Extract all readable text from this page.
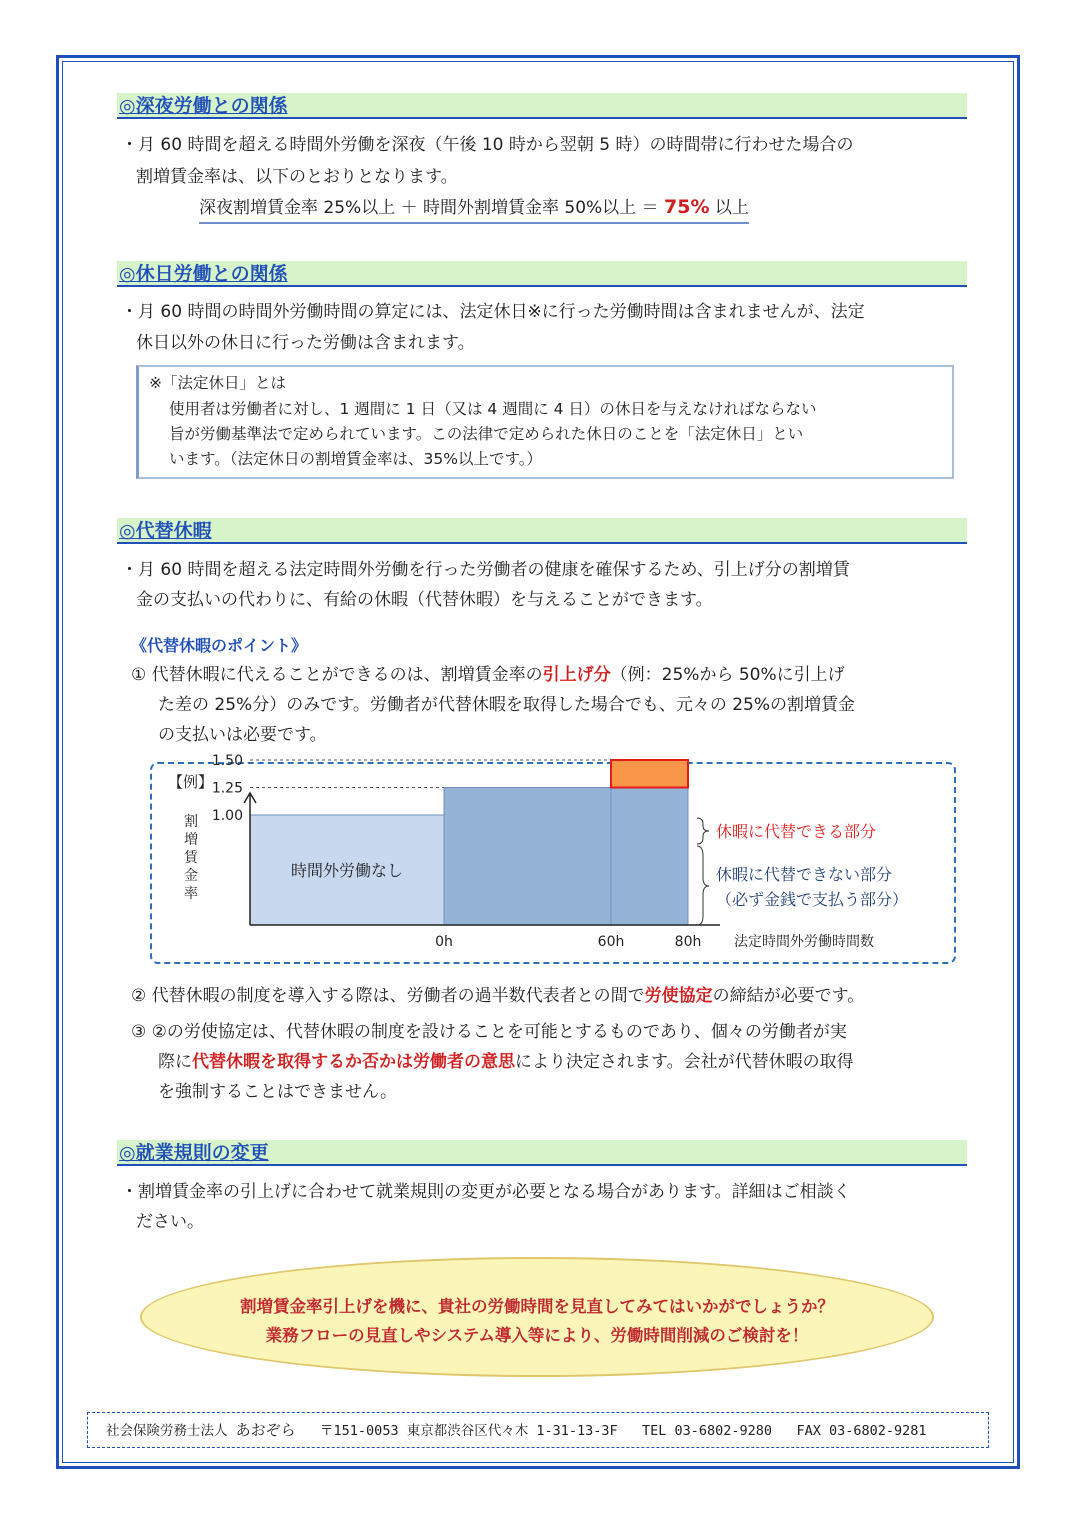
◎深夜労働との関係
・月 60 時間を超える時間外労働を深夜（午後 10 時から翌朝 5 時）の時間帯に行わせた場合の
割増賃金率は、以下のとおりとなります。
深夜割増賃金率 25%以上 ＋ 時間外割増賃金率 50%以上 ＝ 75% 以上
◎休日労働との関係
・月 60 時間の時間外労働時間の算定には、法定休日※に行った労働時間は含まれませんが、法定
休日以外の休日に行った労働は含まれます。
※「法定休日」とは
使用者は労働者に対し、1 週間に 1 日（又は 4 週間に 4 日）の休日を与えなければならない
旨が労働基準法で定められています。この法律で定められた休日のことを「法定休日」とい
います。（法定休日の割増賃金率は、35%以上です。）
◎代替休暇
・月 60 時間を超える法定時間外労働を行った労働者の健康を確保するため、引上げ分の割増賃
金の支払いの代わりに、有給の休暇（代替休暇）を与えることができます。
《代替休暇のポイント》
① 代替休暇に代えることができるのは、割増賃金率の引上げ分（例：25%から 50%に引上げ
た差の 25%分）のみです。労働者が代替休暇を取得した場合でも、元々の 25%の割増賃金
の支払いは必要です。
時間外労働なし
【例】
割
増
賃
金
率
1.50
1.25
1.00
0h	60h	80h 法定時間外労働時間数
休暇に代替できる部分
休暇に代替できない部分
（必ず金銭で支払う部分）
② 代替休暇の制度を導入する際は、労働者の過半数代表者との間で労使協定の締結が必要です。
③ ②の労使協定は、代替休暇の制度を設けることを可能とするものであり、個々の労働者が実
際に代替休暇を取得するか否かは労働者の意思により決定されます。会社が代替休暇の取得
を強制することはできません。
◎就業規則の変更
・割増賃金率の引上げに合わせて就業規則の変更が必要となる場合があります。詳細はご相談く
ださい。
割増賃金率引上げを機に、貴社の労働時間を見直してみてはいかがでしょうか？
業務フローの見直しやシステム導入等により、労働時間削減のご検討を！
社会保険労務士法人 あおぞら 〒151-0053 東京都渋谷区代々木 1-31-13-3F TEL 03-6802-9280 FAX 03-6802-9281
